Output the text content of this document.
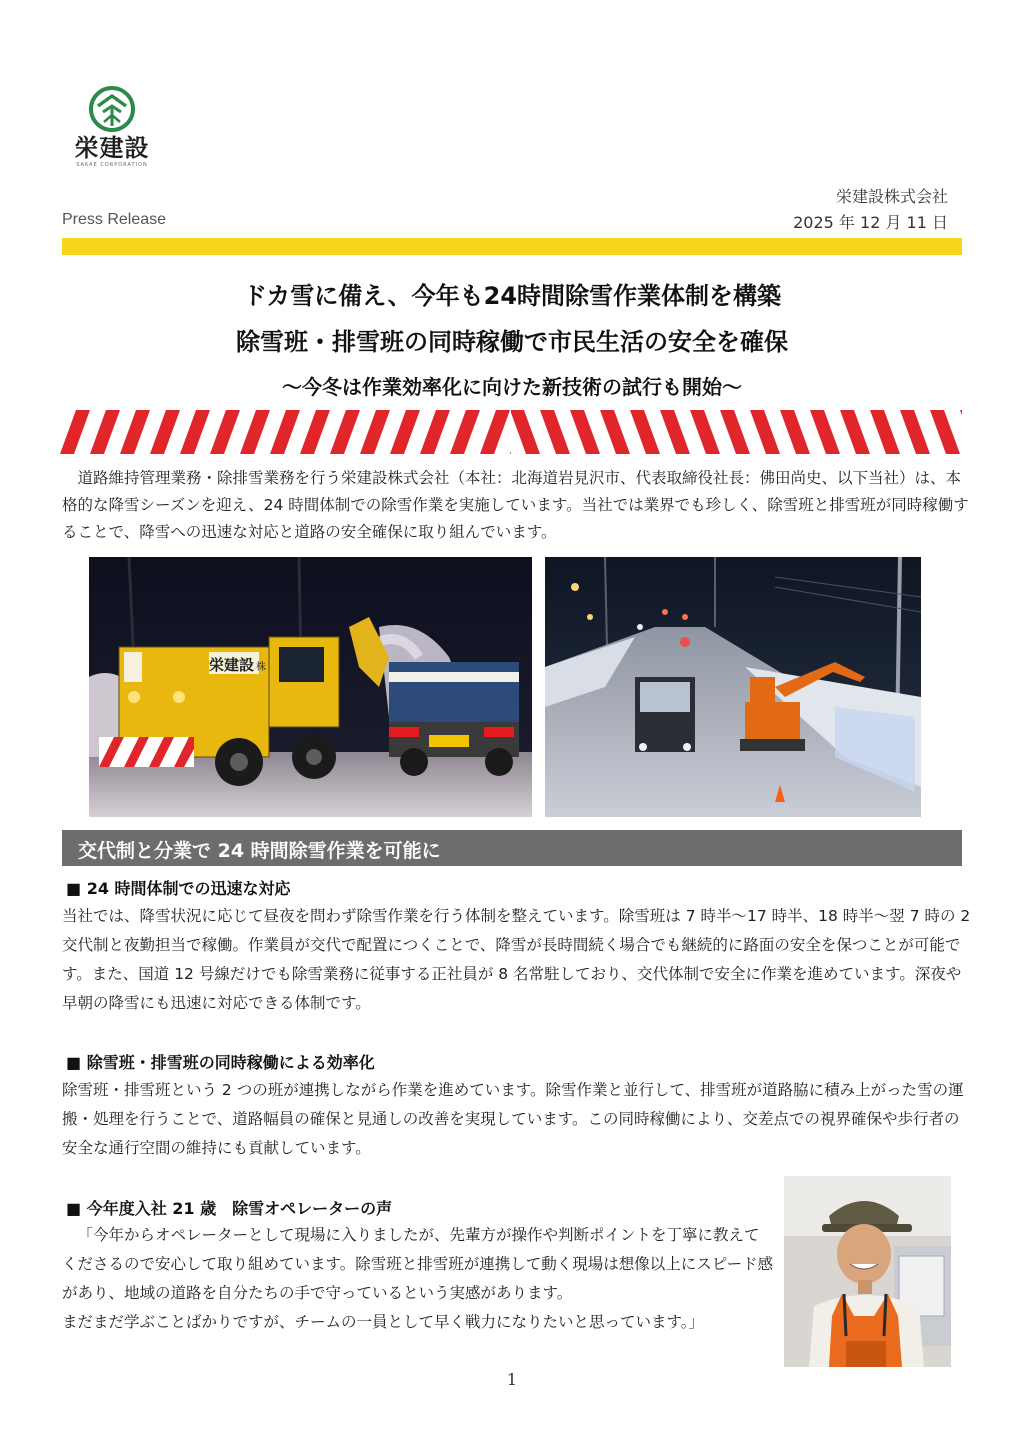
栄建設
SAKAE CORPORATION
栄建設株式会社
Press Release	2025 年 12 月 11 日
ドカ雪に備え、今年も24時間除雪作業体制を構築
除雪班・排雪班の同時稼働で市民生活の安全を確保
～今冬は作業効率化に向けた新技術の試行も開始～

道路維持管理業務・除排雪業務を行う栄建設株式会社（本社：北海道岩見沢市、代表取締役社長：佛田尚史、以下当社）は、本格的な降雪シーズンを迎え、24 時間体制での除雪作業を実施しています。当社では業界でも珍しく、除雪班と排雪班が同時稼働することで、降雪への迅速な対応と道路の安全確保に取り組んでいます。

栄建設 株
交代制と分業で 24 時間除雪作業を可能に
■ 24 時間体制での迅速な対応

当社では、降雪状況に応じて昼夜を問わず除雪作業を行う体制を整えています。除雪班は 7 時半～17 時半、18 時半～翌 7 時の 2 交代制と夜勤担当で稼働。作業員が交代で配置につくことで、降雪が長時間続く場合でも継続的に路面の安全を保つことが可能です。また、国道 12 号線だけでも除雪業務に従事する正社員が 8 名常駐しており、交代体制で安全に作業を進めています。深夜や早朝の降雪にも迅速に対応できる体制です。

■ 除雪班・排雪班の同時稼働による効率化

除雪班・排雪班という 2 つの班が連携しながら作業を進めています。除雪作業と並行して、排雪班が道路脇に積み上がった雪の運搬・処理を行うことで、道路幅員の確保と見通しの改善を実現しています。この同時稼働により、交差点での視界確保や歩行者の安全な通行空間の維持にも貢献しています。

■ 今年度入社 21 歳　除雪オペレーターの声

「今年からオペレーターとして現場に入りましたが、先輩方が操作や判断ポイントを丁寧に教えてくださるので安心して取り組めています。除雪班と排雪班が連携して動く現場は想像以上にスピード感があり、地域の道路を自分たちの手で守っているという実感があります。

まだまだ学ぶことばかりですが、チームの一員として早く戦力になりたいと思っています。」

1
